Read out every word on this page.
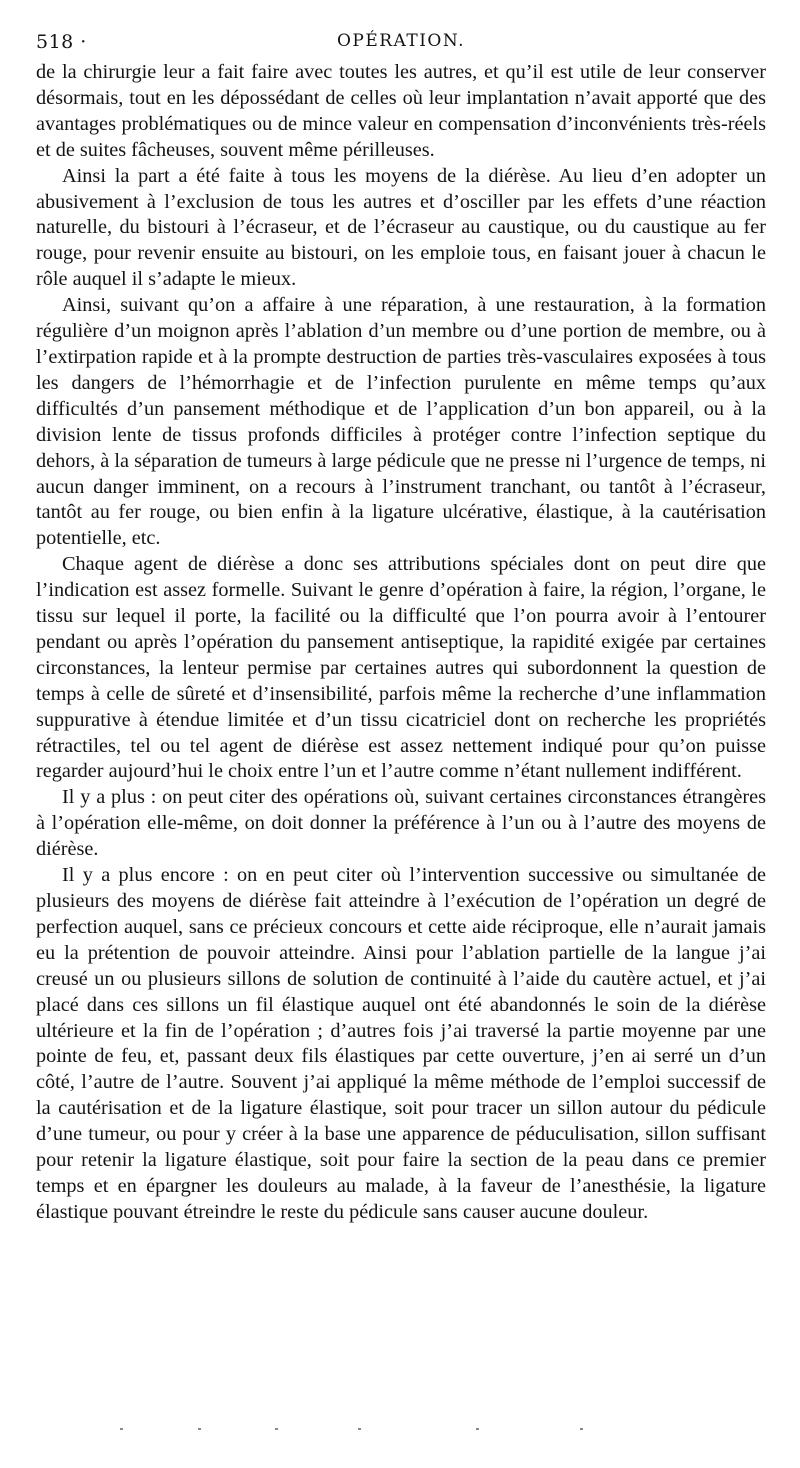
518 ·	OPÉRATION.

de la chirurgie leur a fait faire avec toutes les autres, et qu’il est utile de leur conserver désormais, tout en les dépossédant de celles où leur implantation n’avait apporté que des avantages problématiques ou de mince valeur en compensation d’inconvénients très-réels et de suites fâcheuses, souvent même périlleuses.

Ainsi la part a été faite à tous les moyens de la diérèse. Au lieu d’en adopter un abusivement à l’exclusion de tous les autres et d’osciller par les effets d’une réaction naturelle, du bistouri à l’écraseur, et de l’écraseur au caustique, ou du caustique au fer rouge, pour revenir ensuite au bistouri, on les emploie tous, en faisant jouer à chacun le rôle auquel il s’adapte le mieux.

Ainsi, suivant qu’on a affaire à une réparation, à une restauration, à la formation régulière d’un moignon après l’ablation d’un membre ou d’une portion de membre, ou à l’extirpation rapide et à la prompte destruction de parties très-vasculaires exposées à tous les dangers de l’hémorrhagie et de l’infection purulente en même temps qu’aux difficultés d’un pansement méthodique et de l’application d’un bon appareil, ou à la division lente de tissus profonds difficiles à protéger contre l’infection septique du dehors, à la séparation de tumeurs à large pédicule que ne presse ni l’urgence de temps, ni aucun danger imminent, on a recours à l’instrument tranchant, ou tantôt à l’écraseur, tantôt au fer rouge, ou bien enfin à la ligature ulcérative, élastique, à la cautérisation potentielle, etc.

Chaque agent de diérèse a donc ses attributions spéciales dont on peut dire que l’indication est assez formelle. Suivant le genre d’opération à faire, la région, l’organe, le tissu sur lequel il porte, la facilité ou la difficulté que l’on pourra avoir à l’entourer pendant ou après l’opération du pansement antiseptique, la rapidité exigée par certaines circonstances, la lenteur permise par certaines autres qui subordonnent la question de temps à celle de sûreté et d’insensibilité, parfois même la recherche d’une inflammation suppurative à étendue limitée et d’un tissu cicatriciel dont on recherche les propriétés rétractiles, tel ou tel agent de diérèse est assez nettement indiqué pour qu’on puisse regarder aujourd’hui le choix entre l’un et l’autre comme n’étant nullement indifférent.

Il y a plus : on peut citer des opérations où, suivant certaines circonstances étrangères à l’opération elle-même, on doit donner la préférence à l’un ou à l’autre des moyens de diérèse.

Il y a plus encore : on en peut citer où l’intervention successive ou simultanée de plusieurs des moyens de diérèse fait atteindre à l’exécution de l’opération un degré de perfection auquel, sans ce précieux concours et cette aide réciproque, elle n’aurait jamais eu la prétention de pouvoir atteindre. Ainsi pour l’ablation partielle de la langue j’ai creusé un ou plusieurs sillons de solution de continuité à l’aide du cautère actuel, et j’ai placé dans ces sillons un fil élastique auquel ont été abandonnés le soin de la diérèse ultérieure et la fin de l’opération ; d’autres fois j’ai traversé la partie moyenne par une pointe de feu, et, passant deux fils élastiques par cette ouverture, j’en ai serré un d’un côté, l’autre de l’autre. Souvent j’ai appliqué la même méthode de l’emploi successif de la cautérisation et de la ligature élastique, soit pour tracer un sillon autour du pédicule d’une tumeur, ou pour y créer à la base une apparence de péduculisation, sillon suffisant pour retenir la ligature élastique, soit pour faire la section de la peau dans ce premier temps et en épargner les douleurs au malade, à la faveur de l’anesthésie, la ligature élastique pouvant étreindre le reste du pédicule sans causer aucune douleur.
